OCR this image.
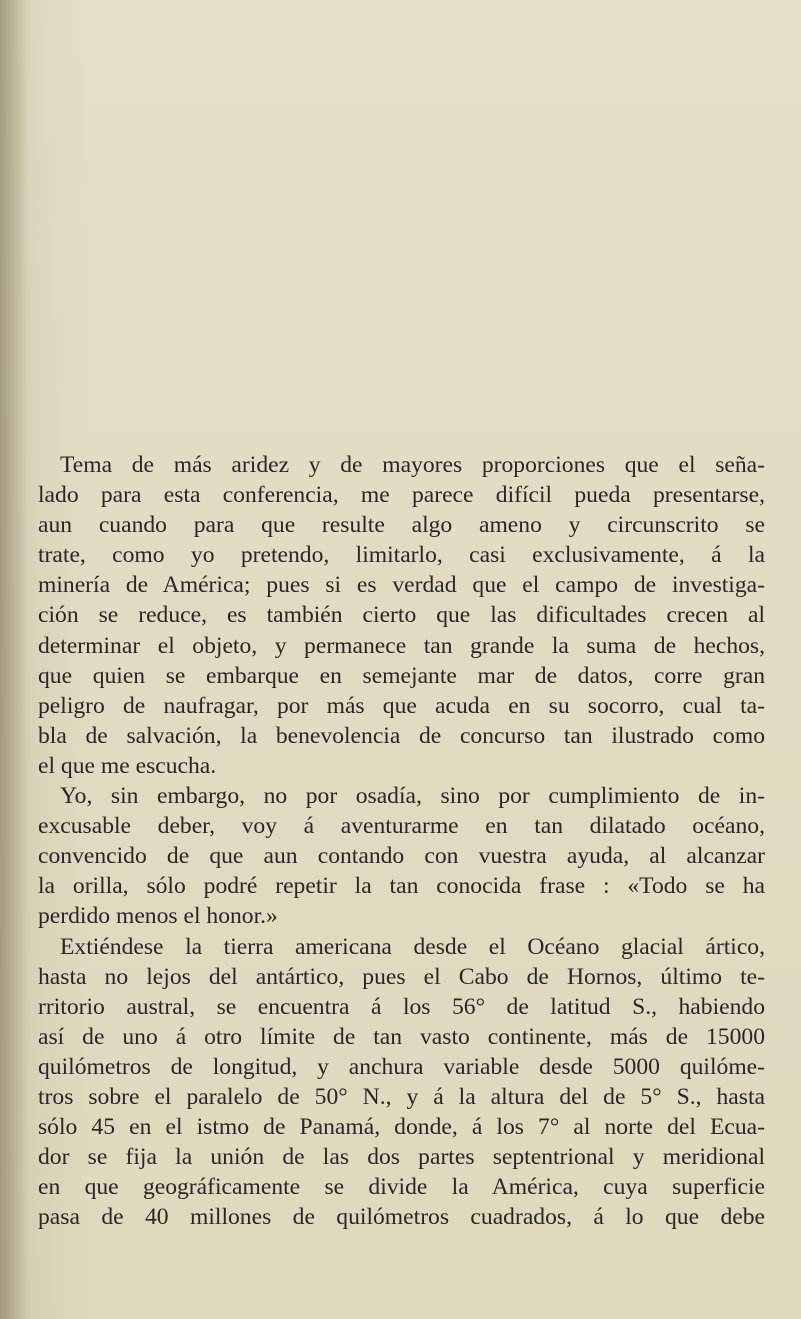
Tema de más aridez y de mayores proporciones que el seña-
lado para esta conferencia, me parece difícil pueda presentarse,
aun cuando para que resulte algo ameno y circunscrito se
trate, como yo pretendo, limitarlo, casi exclusivamente, á la
minería de América; pues si es verdad que el campo de investiga-
ción se reduce, es también cierto que las dificultades crecen al
determinar el objeto, y permanece tan grande la suma de hechos,
que quien se embarque en semejante mar de datos, corre gran
peligro de naufragar, por más que acuda en su socorro, cual ta-
bla de salvación, la benevolencia de concurso tan ilustrado como
el que me escucha.
Yo, sin embargo, no por osadía, sino por cumplimiento de in-
excusable deber, voy á aventurarme en tan dilatado océano,
convencido de que aun contando con vuestra ayuda, al alcanzar
la orilla, sólo podré repetir la tan conocida frase : «Todo se ha
perdido menos el honor.»
Extiéndese la tierra americana desde el Océano glacial ártico,
hasta no lejos del antártico, pues el Cabo de Hornos, último te-
rritorio austral, se encuentra á los 56° de latitud S., habiendo
así de uno á otro límite de tan vasto continente, más de 15000
quilómetros de longitud, y anchura variable desde 5000 quilóme-
tros sobre el paralelo de 50° N., y á la altura del de 5° S., hasta
sólo 45 en el istmo de Panamá, donde, á los 7° al norte del Ecua-
dor se fija la unión de las dos partes septentrional y meridional
en que geográficamente se divide la América, cuya superficie
pasa de 40 millones de quilómetros cuadrados, á lo que debe
